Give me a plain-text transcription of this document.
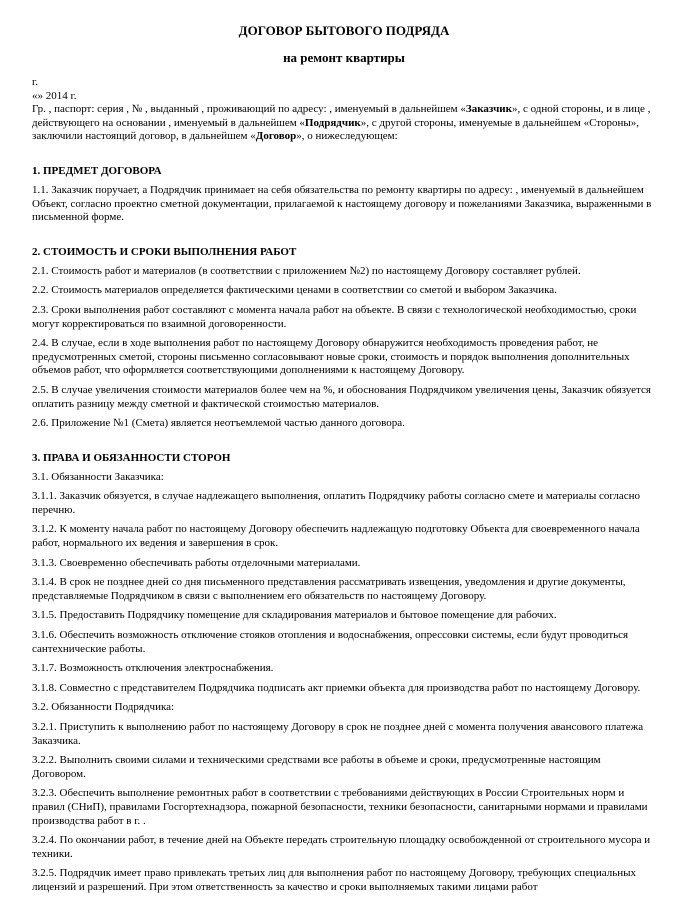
ДОГОВОР БЫТОВОГО ПОДРЯДА
на ремонт квартиры
г.
«» 2014 г.
Гр. , паспорт: серия , № , выданный , проживающий по адресу: , именуемый в дальнейшем «Заказчик», с одной стороны, и в лице , действующего на основании , именуемый в дальнейшем «Подрядчик», с другой стороны, именуемые в дальнейшем «Стороны», заключили настоящий договор, в дальнейшем «Договор», о нижеследующем:
1. ПРЕДМЕТ ДОГОВОРА

1.1. Заказчик поручает, а Подрядчик принимает на себя обязательства по ремонту квартиры по адресу: , именуемый в дальнейшем Объект, согласно проектно сметной документации, прилагаемой к настоящему договору и пожеланиями Заказчика, выраженными в письменной форме.

2. СТОИМОСТЬ И СРОКИ ВЫПОЛНЕНИЯ РАБОТ

2.1. Стоимость работ и материалов (в соответствии с приложением №2) по настоящему Договору составляет рублей.

2.2. Стоимость материалов определяется фактическими ценами в соответствии со сметой и выбором Заказчика.

2.3. Сроки выполнения работ составляют с момента начала работ на объекте. В связи с технологической необходимостью, сроки могут корректироваться по взаимной договоренности.

2.4. В случае, если в ходе выполнения работ по настоящему Договору обнаружится необходимость проведения работ, не предусмотренных сметой, стороны письменно согласовывают новые сроки, стоимость и порядок выполнения дополнительных объемов работ, что оформляется соответствующими дополнениями к настоящему Договору.

2.5. В случае увеличения стоимости материалов более чем на %, и обоснования Подрядчиком увеличения цены, Заказчик обязуется оплатить разницу между сметной и фактической стоимостью материалов.

2.6. Приложение №1 (Смета) является неотъемлемой частью данного договора.

3. ПРАВА И ОБЯЗАННОСТИ СТОРОН

3.1. Обязанности Заказчика:

3.1.1. Заказчик обязуется, в случае надлежащего выполнения, оплатить Подрядчику работы согласно смете и материалы согласно перечню.

3.1.2. К моменту начала работ по настоящему Договору обеспечить надлежащую подготовку Объекта для своевременного начала работ, нормального их ведения и завершения в срок.

3.1.3. Своевременно обеспечивать работы отделочными материалами.

3.1.4. В срок не позднее дней со дня письменного представления рассматривать извещения, уведомления и другие документы, представляемые Подрядчиком в связи с выполнением его обязательств по настоящему Договору.

3.1.5. Предоставить Подрядчику помещение для складирования материалов и бытовое помещение для рабочих.

3.1.6. Обеспечить возможность отключение стояков отопления и водоснабжения, опрессовки системы, если будут проводиться сантехнические работы.

3.1.7. Возможность отключения электроснабжения.

3.1.8. Совместно с представителем Подрядчика подписать акт приемки объекта для производства работ по настоящему Договору.

3.2. Обязанности Подрядчика:

3.2.1. Приступить к выполнению работ по настоящему Договору в срок не позднее дней с момента получения авансового платежа Заказчика.

3.2.2. Выполнить своими силами и техническими средствами все работы в объеме и сроки, предусмотренные настоящим Договором.

3.2.3. Обеспечить выполнение ремонтных работ в соответствии с требованиями действующих в России Строительных норм и правил (СНиП), правилами Госгортехнадзора, пожарной безопасности, техники безопасности, санитарными нормами и правилами производства работ в г. .

3.2.4. По окончании работ, в течение дней на Объекте передать строительную площадку освобожденной от строительного мусора и техники.

3.2.5. Подрядчик имеет право привлекать третьих лиц для выполнения работ по настоящему Договору, требующих специальных лицензий и разрешений. При этом ответственность за качество и сроки выполняемых такими лицами работ
